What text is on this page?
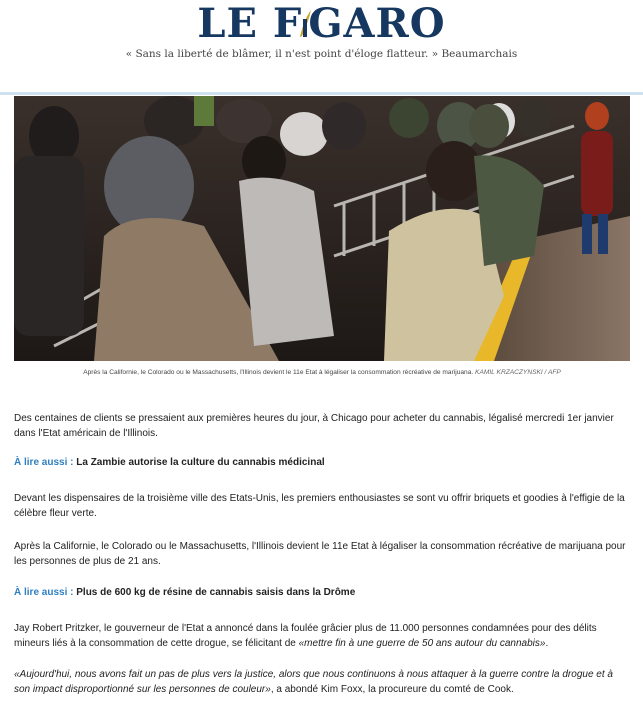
LE F GARO
« Sans la liberté de blâmer, il n'est point d'éloge flatteur. » Beaumarchais
Après la Californie, le Colorado ou le Massachusetts, l'Illinois devient le 11e Etat à légaliser la consommation récréative de marijuana. KAMIL KRZACZYNSKI / AFP

Des centaines de clients se pressaient aux premières heures du jour, à Chicago pour acheter du cannabis, légalisé mercredi 1er janvier dans l'Etat américain de l'Illinois.

À lire aussi : La Zambie autorise la culture du cannabis médicinal

Devant les dispensaires de la troisième ville des Etats-Unis, les premiers enthousiastes se sont vu offrir briquets et goodies à l'effigie de la célèbre fleur verte.

Après la Californie, le Colorado ou le Massachusetts, l'Illinois devient le 11e Etat à légaliser la consommation récréative de marijuana pour les personnes de plus de 21 ans.

À lire aussi : Plus de 600 kg de résine de cannabis saisis dans la Drôme

Jay Robert Pritzker, le gouverneur de l'Etat a annoncé dans la foulée grâcier plus de 11.000 personnes condamnées pour des délits mineurs liés à la consommation de cette drogue, se félicitant de «mettre fin à une guerre de 50 ans autour du cannabis».

«Aujourd'hui, nous avons fait un pas de plus vers la justice, alors que nous continuons à nous attaquer à la guerre contre la drogue et à son impact disproportionné sur les personnes de couleur», a abondé Kim Foxx, la procureure du comté de Cook.
